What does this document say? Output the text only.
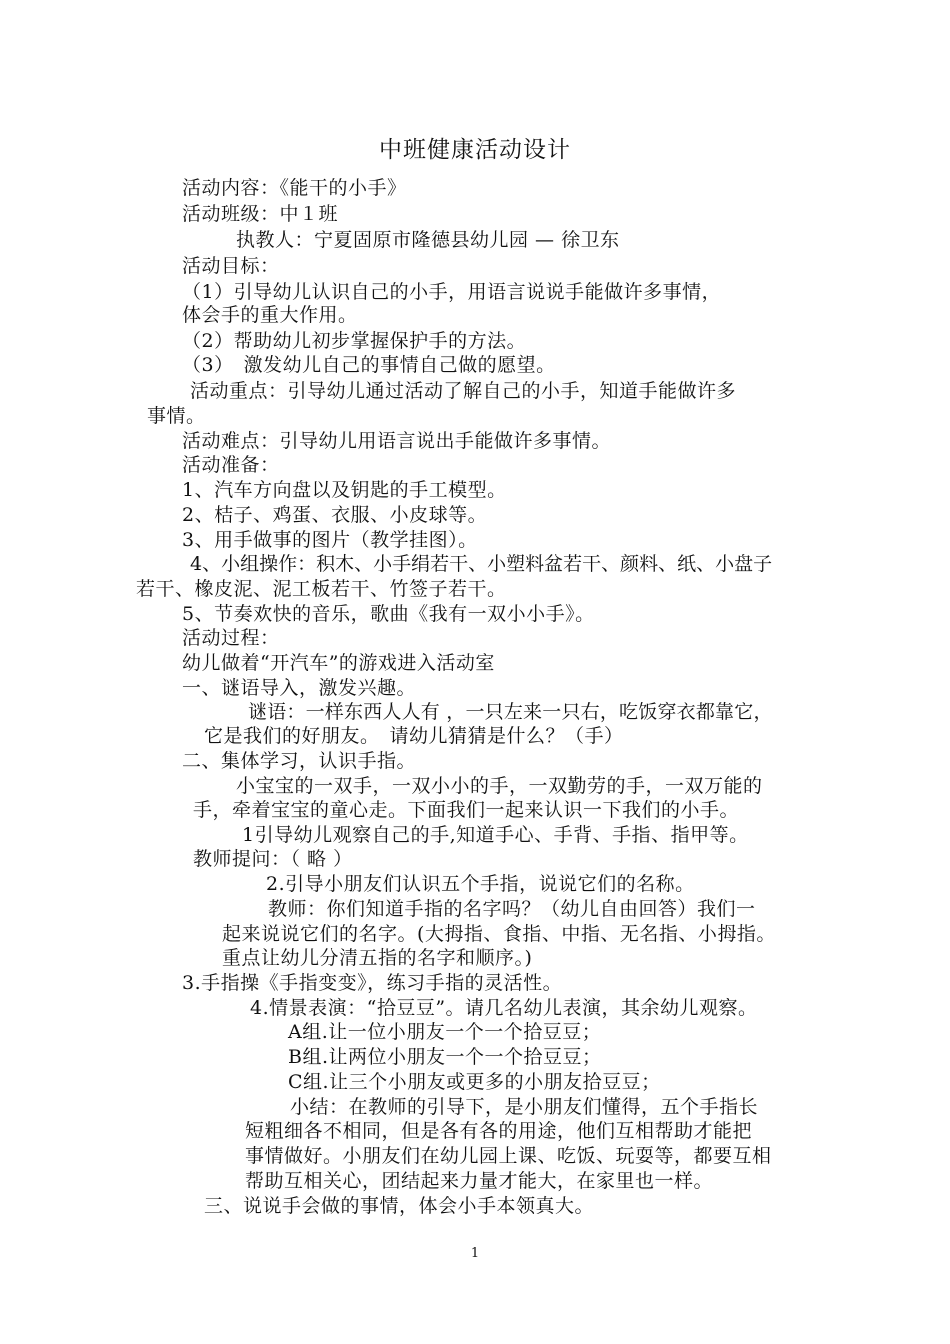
中班健康活动设计
活动内容：《能干的小手》
活动班级：中１班
执教人：宁夏固原市隆德县幼儿园 — 徐卫东
活动目标：
（1）引导幼儿认识自己的小手，用语言说说手能做许多事情，
体会手的重大作用。
（2）帮助幼儿初步掌握保护手的方法。
（3）　激发幼儿自己的事情自己做的愿望。
活动重点：引导幼儿通过活动了解自己的小手，知道手能做许多
事情。
活动难点：引导幼儿用语言说出手能做许多事情。
活动准备：
1、汽车方向盘以及钥匙的手工模型。
2、桔子、鸡蛋、衣服、小皮球等。
3、用手做事的图片（教学挂图）。
4、小组操作：积木、小手绢若干、小塑料盆若干、颜料、纸、小盘子
若干、橡皮泥、泥工板若干、竹签子若干。
5、节奏欢快的音乐，歌曲《我有一双小小手》。
活动过程：
幼儿做着“开汽车”的游戏进入活动室
一、谜语导入，激发兴趣。
谜语：一样东西人人有 ，一只左来一只右，吃饭穿衣都靠它，
它是我们的好朋友。　请幼儿猜猜是什么？（手）
二、集体学习，认识手指。
小宝宝的一双手，一双小小的手，一双勤劳的手，一双万能的
手，牵着宝宝的童心走。下面我们一起来认识一下我们的小手。
1引导幼儿观察自己的手,知道手心、手背、手指、指甲等。
教师提问：（ 略 ）
2.引导小朋友们认识五个手指，说说它们的名称。
教师：你们知道手指的名字吗？（幼儿自由回答）我们一
起来说说它们的名字。(大拇指、食指、中指、无名指、小拇指。
重点让幼儿分清五指的名字和顺序。)
3.手指操《手指变变》，练习手指的灵活性。
4.情景表演：“拾豆豆”。请几名幼儿表演，其余幼儿观察。
A组.让一位小朋友一个一个拾豆豆；
B组.让两位小朋友一个一个拾豆豆；
C组.让三个小朋友或更多的小朋友拾豆豆；
小结：在教师的引导下，是小朋友们懂得，五个手指长
短粗细各不相同，但是各有各的用途，他们互相帮助才能把
事情做好。小朋友们在幼儿园上课、吃饭、玩耍等，都要互相
帮助互相关心，团结起来力量才能大，在家里也一样。
三、说说手会做的事情，体会小手本领真大。
1
